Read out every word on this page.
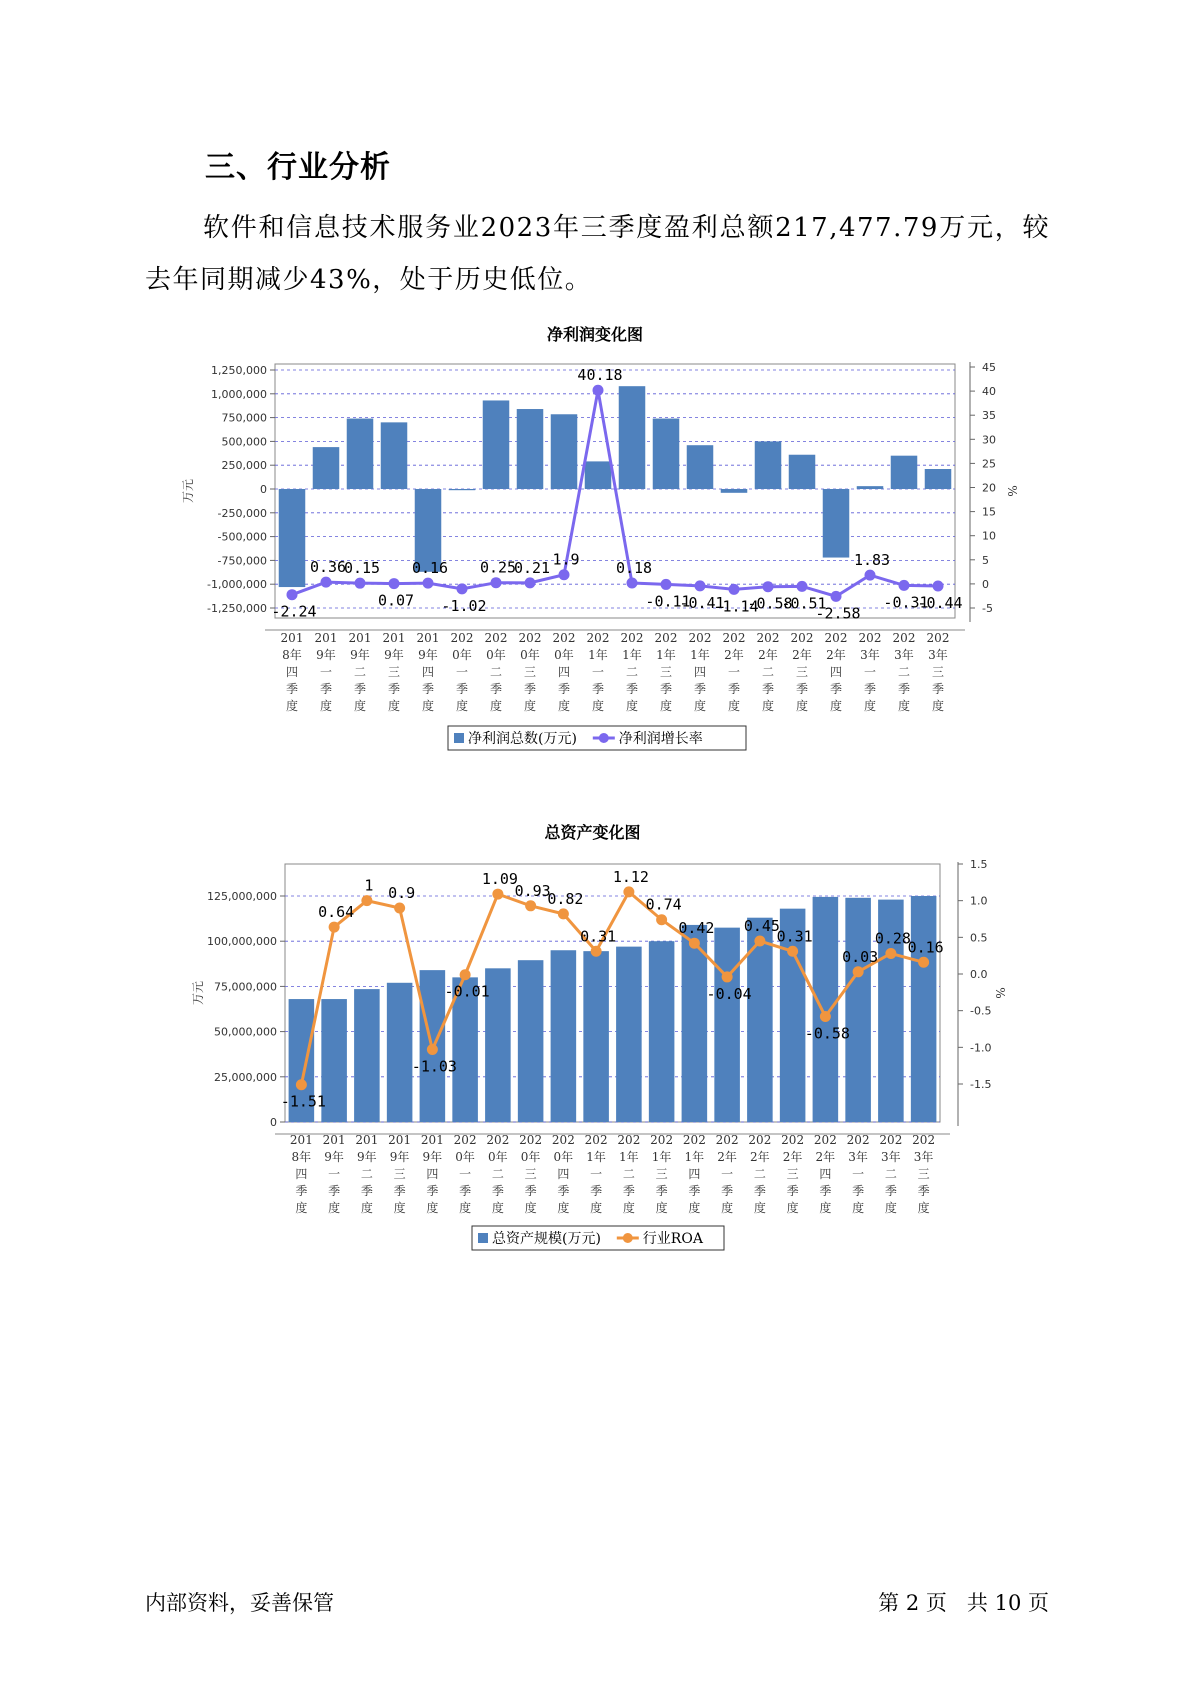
三、行业分析
软件和信息技术服务业2023年三季度盈利总额217,477.79万元，较去年同期减少43%，处于历史低位。
净利润变化图
1,250,000
1,000,000
750,000
500,000
250,000
0
-250,000
-500,000
-750,000
-1,000,000
-1,250,000
45
40
35
30
25
20
15
10
5
0
-5
万元	%
-2.24
0.36
0.15
0.07
0.16
-1.02
0.25
0.21 1.9
40.18
0.18
-0.11
-0.41
-1.14
-0.58
-0.51
-2.58
1.83
-0.31
-0.44
201
8年
四
季
度
201
9年
一
季
度
201
9年
二
季
度
201
9年
三
季
度
201
9年
四
季
度
202
0年
一
季
度
202
0年
二
季
度
202
0年
三
季
度
202
0年
四
季
度
202
1年
一
季
度
202
1年
二
季
度
202
1年
三
季
度
202
1年
四
季
度
202
2年
一
季
度
202
2年
二
季
度
202
2年
三
季
度
202
2年
四
季
度
202
3年
一
季
度
202
3年
二
季
度
202
3年
三
季
度
净利润总数(万元)	净利润增长率
总资产变化图
125,000,000
100,000,000
75,000,000
50,000,000
25,000,000
0
1.5
1.0
0.5
0.0
-0.5
-1.0
-1.5
万元	%
-1.51
0.64
1 0.9
-1.03
-0.01
1.09
0.93
0.82
0.31
1.12
0.74
0.42
-0.04
0.45
0.31
-0.58
0.03
0.28
0.16
201
8年
四
季
度
201
9年
一
季
度
201
9年
二
季
度
201
9年
三
季
度
201
9年
四
季
度
202
0年
一
季
度
202
0年
二
季
度
202
0年
三
季
度
202
0年
四
季
度
202
1年
一
季
度
202
1年
二
季
度
202
1年
三
季
度
202
1年
四
季
度
202
2年
一
季
度
202
2年
二
季
度
202
2年
三
季
度
202
2年
四
季
度
202
3年
一
季
度
202
3年
二
季
度
202
3年
三
季
度
总资产规模(万元)	行业ROA
内部资料，妥善保管	第 2 页 共 10 页
